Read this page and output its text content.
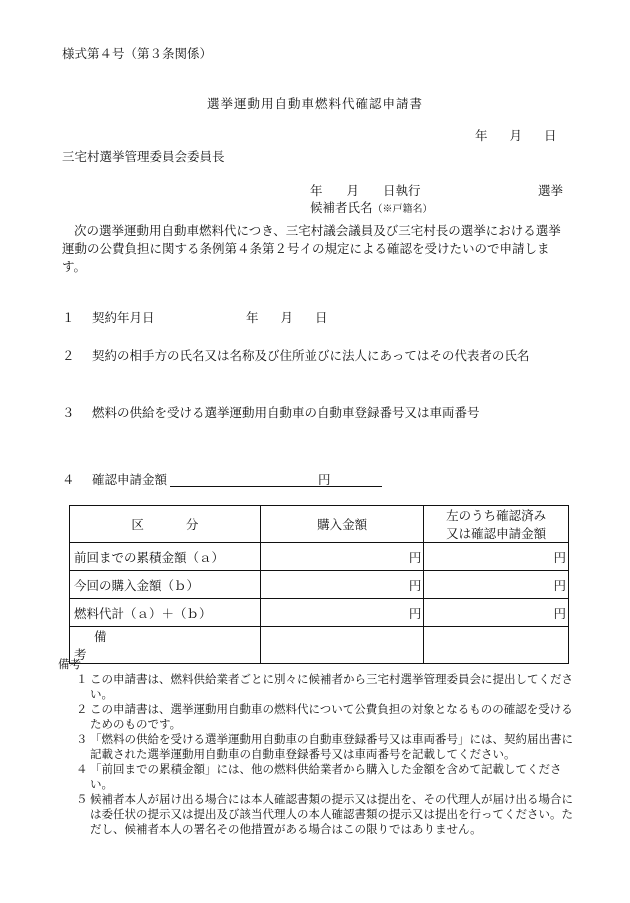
様式第４号（第３条関係）
選挙運動用自動車燃料代確認申請書
年 月 日
三宅村選挙管理委員会委員長
年 月 日執行	選挙
候補者氏名（※戸籍名）
次の選挙運動用自動車燃料代につき、三宅村議会議員及び三宅村長の選挙における選挙運動の公費負担に関する条例第４条第２号イの規定による確認を受けたいので申請します。
１ 契約年月日	年 月 日
２ 契約の相手方の氏名又は名称及び住所並びに法人にあってはその代表者の氏名
３ 燃料の供給を受ける選挙運動用自動車の自動車登録番号又は車両番号
４ 確認申請金額	円
区分	購入金額	左のうち確認済み
又は確認申請金額
前回までの累積金額（ａ）	円	円
今回の購入金額（ｂ）	円	円
燃料代計（ａ）＋（ｂ）	円	円
備考		
備考
１ この申請書は、燃料供給業者ごとに別々に候補者から三宅村選挙管理委員会に提出してください。
２ この申請書は、選挙運動用自動車の燃料代について公費負担の対象となるものの確認を受けるためのものです。
３ 「燃料の供給を受ける選挙運動用自動車の自動車登録番号又は車両番号」には、契約届出書に記載された選挙運動用自動車の自動車登録番号又は車両番号を記載してください。
４ 「前回までの累積金額」には、他の燃料供給業者から購入した金額を含めて記載してください。
５ 候補者本人が届け出る場合には本人確認書類の提示又は提出を、その代理人が届け出る場合には委任状の提示又は提出及び該当代理人の本人確認書類の提示又は提出を行ってください。ただし、候補者本人の署名その他措置がある場合はこの限りではありません。
